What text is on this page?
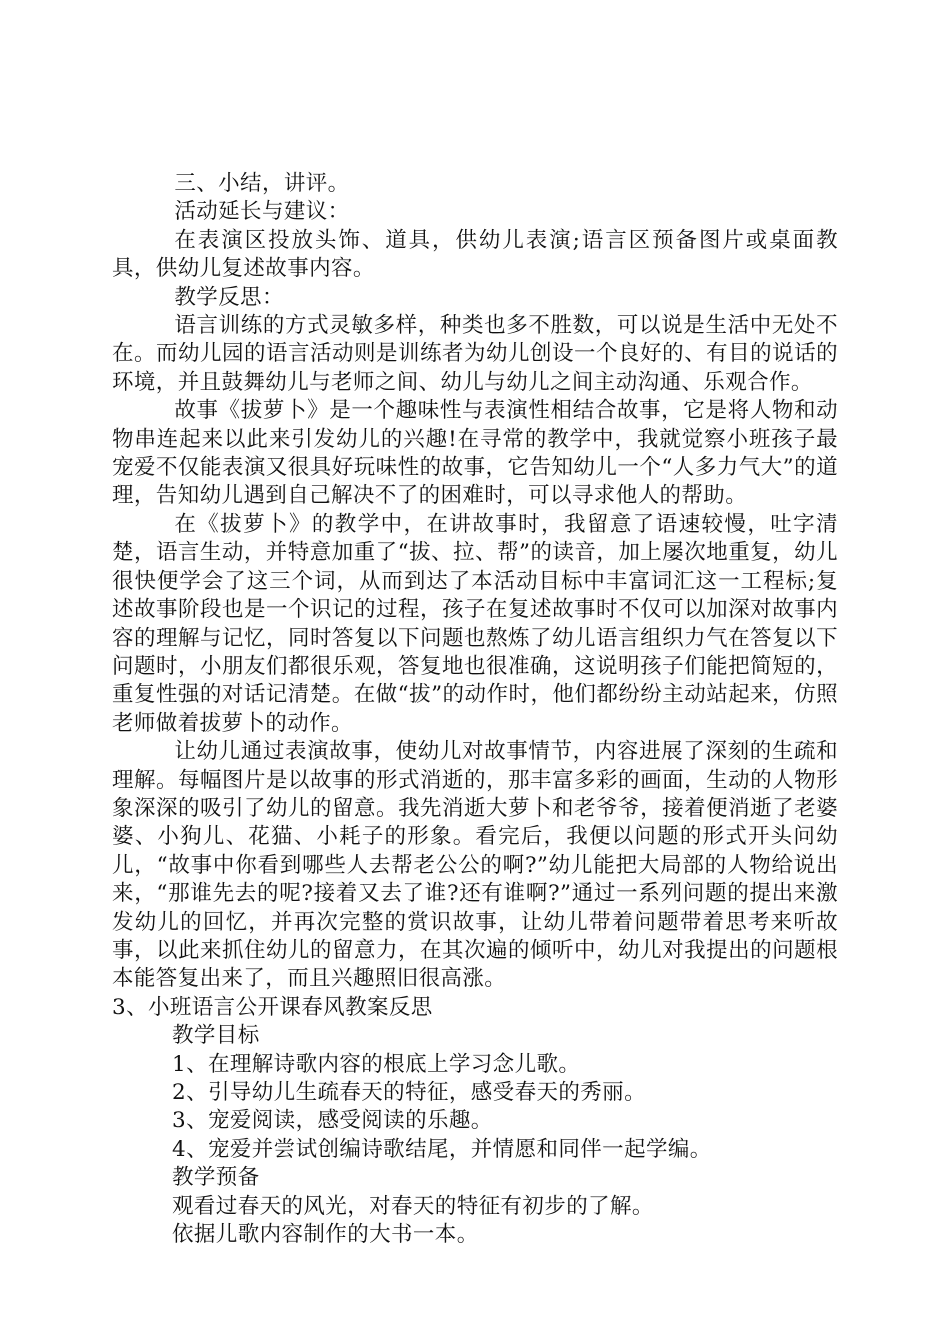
三、小结，讲评。

活动延长与建议：

在表演区投放头饰、道具，供幼儿表演;语言区预备图片或桌面教具，供幼儿复述故事内容。

教学反思：

语言训练的方式灵敏多样，种类也多不胜数，可以说是生活中无处不在。而幼儿园的语言活动则是训练者为幼儿创设一个良好的、有目的说话的环境，并且鼓舞幼儿与老师之间、幼儿与幼儿之间主动沟通、乐观合作。

故事《拔萝卜》是一个趣味性与表演性相结合故事，它是将人物和动物串连起来以此来引发幼儿的兴趣!在寻常的教学中，我就觉察小班孩子最宠爱不仅能表演又很具好玩味性的故事，它告知幼儿一个“人多力气大”的道理，告知幼儿遇到自己解决不了的困难时，可以寻求他人的帮助。

在《拔萝卜》的教学中，在讲故事时，我留意了语速较慢，吐字清楚，语言生动，并特意加重了“拔、拉、帮”的读音，加上屡次地重复，幼儿很快便学会了这三个词，从而到达了本活动目标中丰富词汇这一工程标;复述故事阶段也是一个识记的过程，孩子在复述故事时不仅可以加深对故事内容的理解与记忆，同时答复以下问题也熬炼了幼儿语言组织力气在答复以下问题时，小朋友们都很乐观，答复地也很准确，这说明孩子们能把简短的，重复性强的对话记清楚。在做“拔”的动作时，他们都纷纷主动站起来，仿照老师做着拔萝卜的动作。

让幼儿通过表演故事，使幼儿对故事情节，内容进展了深刻的生疏和理解。每幅图片是以故事的形式消逝的，那丰富多彩的画面，生动的人物形象深深的吸引了幼儿的留意。我先消逝大萝卜和老爷爷，接着便消逝了老婆婆、小狗儿、花猫、小耗子的形象。看完后，我便以问题的形式开头问幼儿，“故事中你看到哪些人去帮老公公的啊?”幼儿能把大局部的人物给说出来，“那谁先去的呢?接着又去了谁?还有谁啊?”通过一系列问题的提出来激发幼儿的回忆，并再次完整的赏识故事，让幼儿带着问题带着思考来听故事，以此来抓住幼儿的留意力，在其次遍的倾听中，幼儿对我提出的问题根本能答复出来了，而且兴趣照旧很高涨。

3、小班语言公开课春风教案反思

教学目标

1、在理解诗歌内容的根底上学习念儿歌。

2、引导幼儿生疏春天的特征，感受春天的秀丽。

3、宠爱阅读，感受阅读的乐趣。

4、宠爱并尝试创编诗歌结尾，并情愿和同伴一起学编。

教学预备

观看过春天的风光，对春天的特征有初步的了解。

依据儿歌内容制作的大书一本。
